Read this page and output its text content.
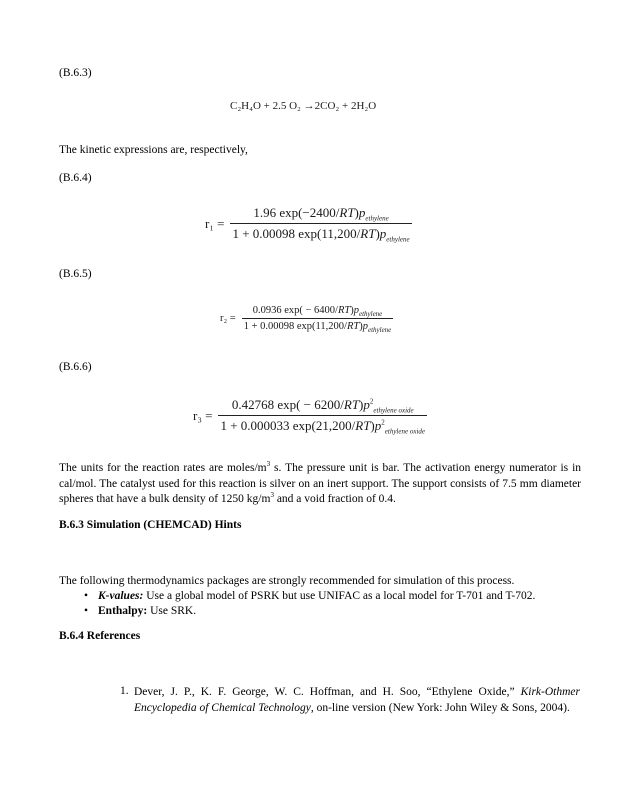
(B.6.3)
C₂H₄O + 2.5 O₂ →2CO₂ + 2H₂O
The kinetic expressions are, respectively,
(B.6.4)
$r_1 = \frac{1.96 \exp(-2400/RT)p_{ethylene}}{1 + 0.00098 \exp(11,200/RT)p_{ethylene}}$
(B.6.5)
$r_2 = \frac{0.0936 \exp( - 6400/RT)p_{ethylene}}{1 + 0.00098 \exp(11,200/RT)p_{ethylene}}$
(B.6.6)
$r_3 = \frac{0.42768 \exp( - 6200/RT)p^2_{ethylene oxide}}{1 + 0.000033 \exp(21,200/RT)p^2_{ethylene oxide}}$
The units for the reaction rates are moles/$m^3$ s. The pressure unit is bar. The activation energy numerator is in cal/mol. The catalyst used for this reaction is silver on an inert support. The support consists of 7.5 mm diameter spheres that have a bulk density of 1250 $kg/m^3$ and a void fraction of 0.4.
B.6.3 Simulation (CHEMCAD) Hints
The following thermodynamics packages are strongly recommended for simulation of this process.
• K-values: Use a global model of PSRK but use UNIFAC as a local model for T-701 and T-702.
• Enthalpy: Use SRK.
B.6.4 References
1. Dever, J. P., K. F. George, W. C. Hoffman, and H. Soo, “Ethylene Oxide,” Kirk-Othmer Encyclopedia of Chemical Technology, on-line version (New York: John Wiley & Sons, 2004).
